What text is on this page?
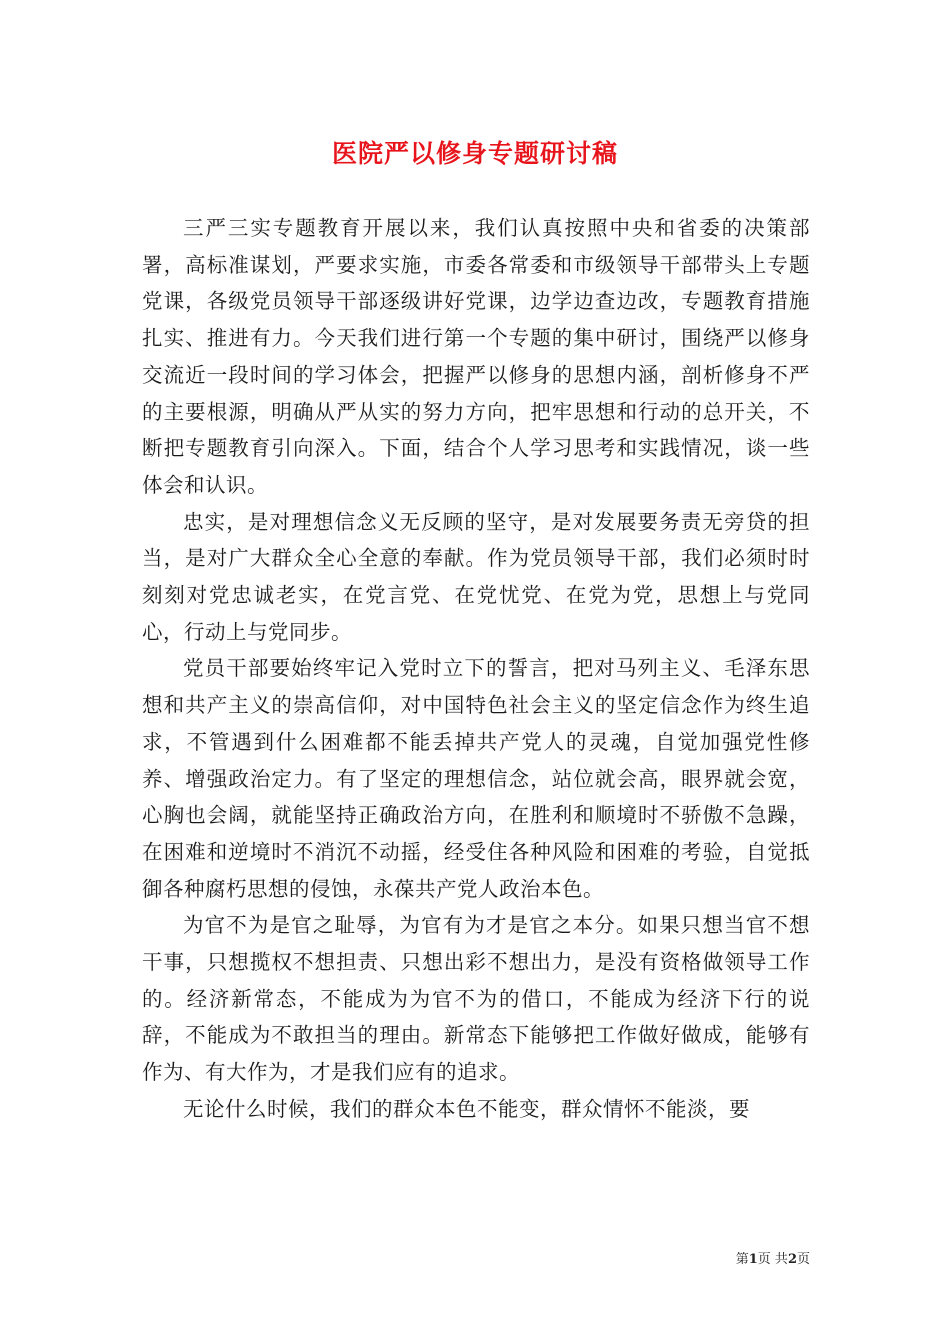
医院严以修身专题研讨稿

三严三实专题教育开展以来，我们认真按照中央和省委的决策部署，高标准谋划，严要求实施，市委各常委和市级领导干部带头上专题党课，各级党员领导干部逐级讲好党课，边学边查边改，专题教育措施扎实、推进有力。今天我们进行第一个专题的集中研讨，围绕严以修身交流近一段时间的学习体会，把握严以修身的思想内涵，剖析修身不严的主要根源，明确从严从实的努力方向，把牢思想和行动的总开关，不断把专题教育引向深入。下面，结合个人学习思考和实践情况，谈一些体会和认识。

忠实，是对理想信念义无反顾的坚守，是对发展要务责无旁贷的担当，是对广大群众全心全意的奉献。作为党员领导干部，我们必须时时刻刻对党忠诚老实，在党言党、在党忧党、在党为党，思想上与党同心，行动上与党同步。

党员干部要始终牢记入党时立下的誓言，把对马列主义、毛泽东思想和共产主义的崇高信仰，对中国特色社会主义的坚定信念作为终生追求，不管遇到什么困难都不能丢掉共产党人的灵魂，自觉加强党性修养、增强政治定力。有了坚定的理想信念，站位就会高，眼界就会宽，心胸也会阔，就能坚持正确政治方向，在胜利和顺境时不骄傲不急躁，在困难和逆境时不消沉不动摇，经受住各种风险和困难的考验，自觉抵御各种腐朽思想的侵蚀，永葆共产党人政治本色。

为官不为是官之耻辱，为官有为才是官之本分。如果只想当官不想干事，只想揽权不想担责、只想出彩不想出力，是没有资格做领导工作的。经济新常态，不能成为为官不为的借口，不能成为经济下行的说辞，不能成为不敢担当的理由。新常态下能够把工作做好做成，能够有作为、有大作为，才是我们应有的追求。

无论什么时候，我们的群众本色不能变，群众情怀不能淡，要

第1页 共2页
